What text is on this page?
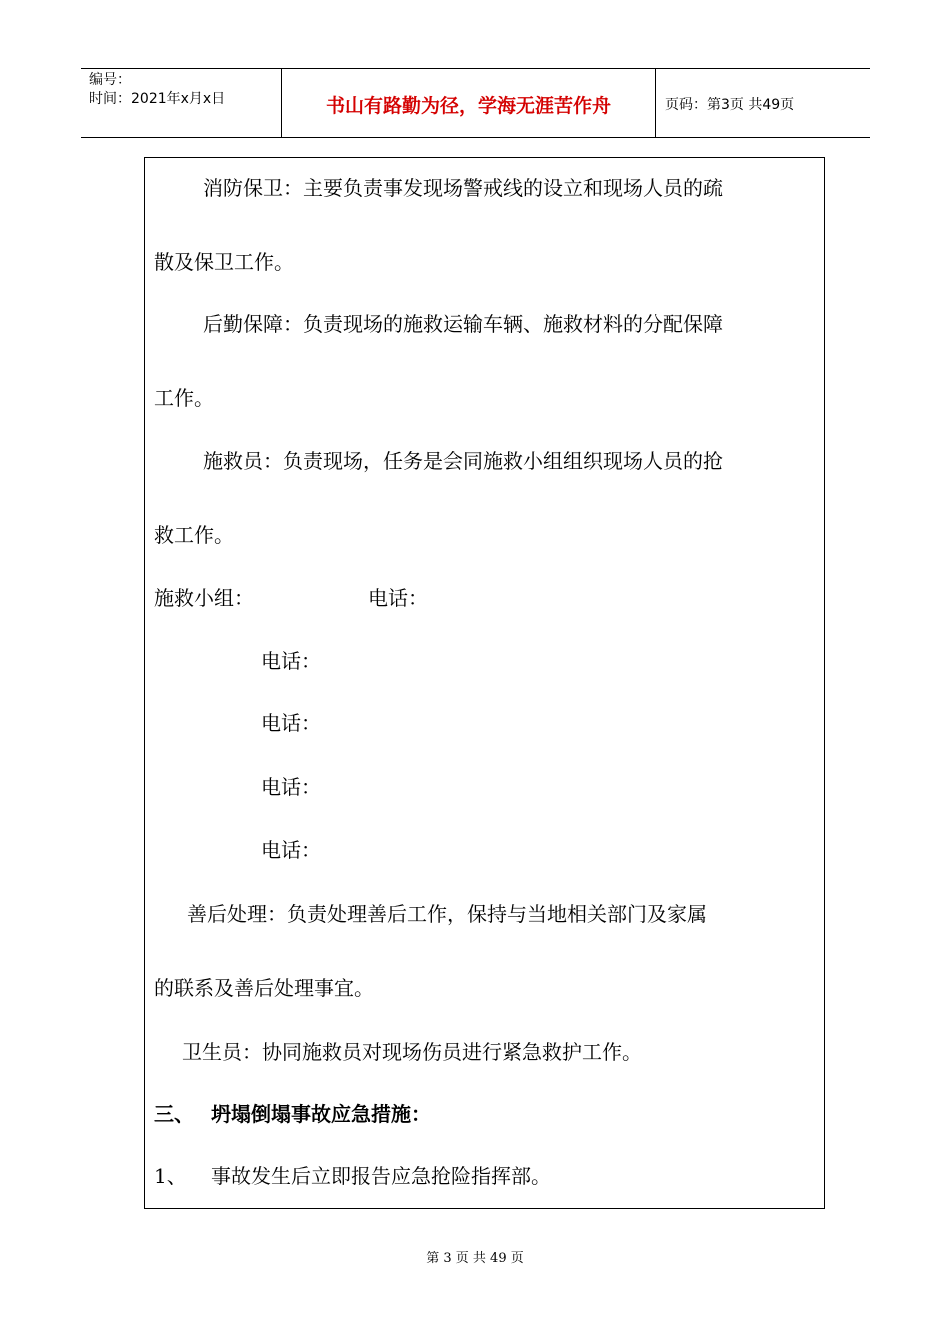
编号：
时间：2021年x月x日	书山有路勤为径，学海无涯苦作舟	页码：第3页 共49页
消防保卫：主要负责事发现场警戒线的设立和现场人员的疏
散及保卫工作。
后勤保障：负责现场的施救运输车辆、施救材料的分配保障
工作。
施救员：负责现场，任务是会同施救小组组织现场人员的抢
救工作。
施救小组：	电话：
电话：
电话：
电话：
电话：
善后处理：负责处理善后工作，保持与当地相关部门及家属
的联系及善后处理事宜。
卫生员：协同施救员对现场伤员进行紧急救护工作。
三、 坍塌倒塌事故应急措施：
1、 事故发生后立即报告应急抢险指挥部。
第 3 页 共 49 页
